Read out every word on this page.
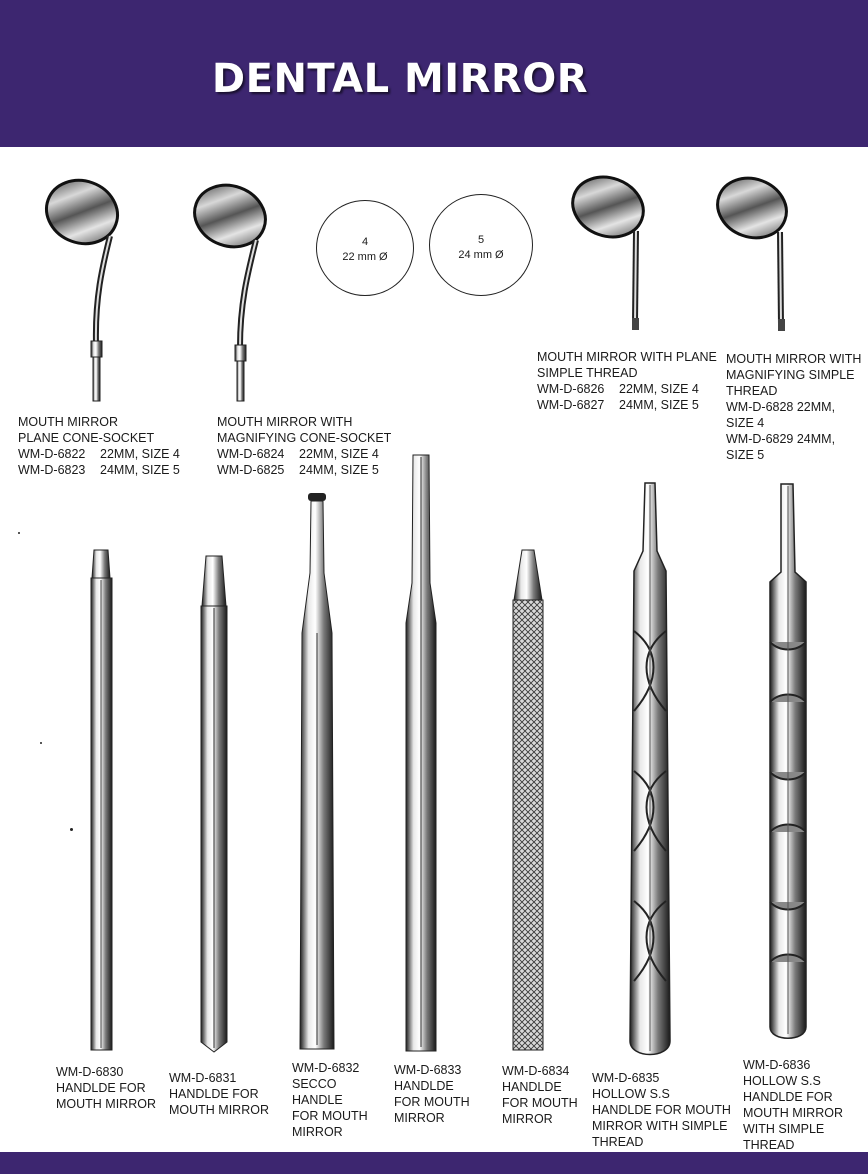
DENTAL MIRROR
4
22 mm Ø
5
24 mm Ø
MOUTH MIRROR
PLANE CONE-SOCKET
WM-D-6822 22MM, SIZE 4
WM-D-6823 24MM, SIZE 5
MOUTH MIRROR WITH
MAGNIFYING CONE-SOCKET
WM-D-6824 22MM, SIZE 4
WM-D-6825 24MM, SIZE 5
MOUTH MIRROR WITH PLANE
SIMPLE THREAD
WM-D-6826 22MM, SIZE 4
WM-D-6827 24MM, SIZE 5
MOUTH MIRROR WITH
MAGNIFYING SIMPLE
THREAD
WM-D-6828 22MM,
SIZE 4
WM-D-6829 24MM,
SIZE 5
WM-D-6830
HANDLDE FOR
MOUTH MIRROR
WM-D-6831
HANDLDE FOR
MOUTH MIRROR
WM-D-6832
SECCO
HANDLE
FOR MOUTH
MIRROR
WM-D-6833
HANDLDE
FOR MOUTH
MIRROR
WM-D-6834
HANDLDE
FOR MOUTH
MIRROR
WM-D-6835
HOLLOW S.S
HANDLDE FOR MOUTH
MIRROR WITH SIMPLE
THREAD
WM-D-6836
HOLLOW S.S
HANDLDE FOR
MOUTH MIRROR
WITH SIMPLE
THREAD
